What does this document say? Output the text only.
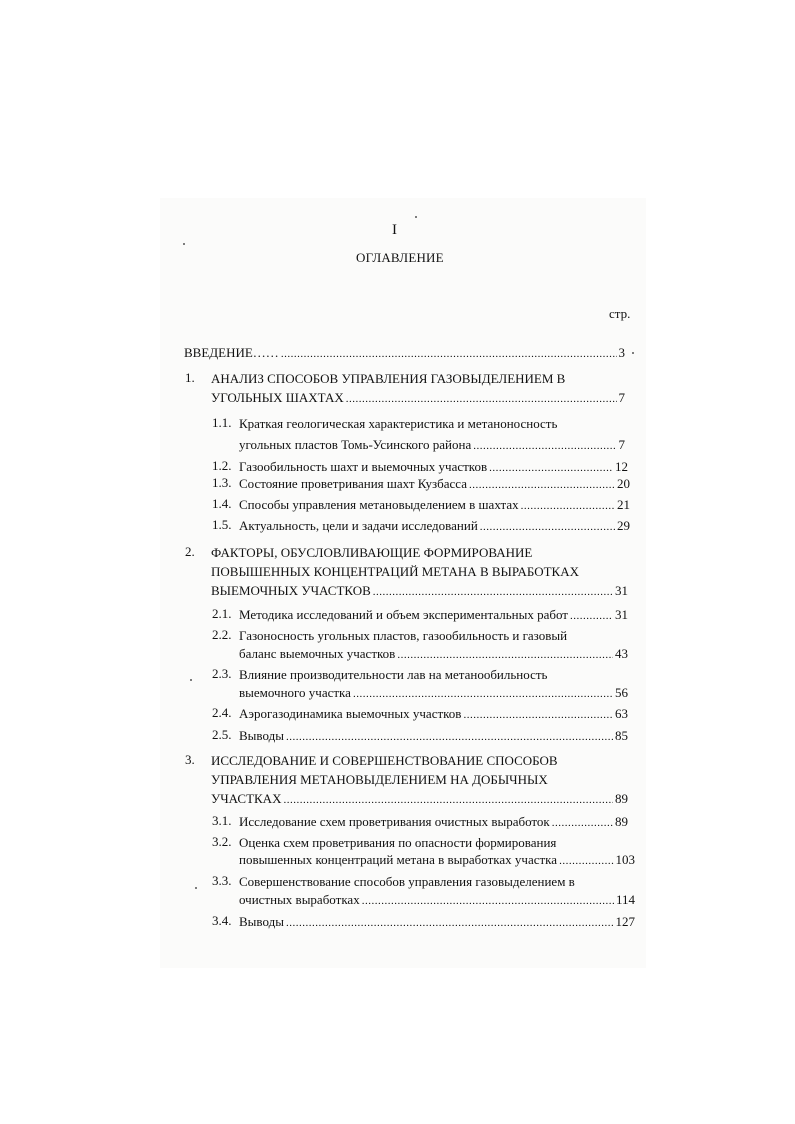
I
ОГЛАВЛЕНИЕ
стр.
ВВЕДЕНИЕ…… .....	3
1. АНАЛИЗ СПОСОБОВ УПРАВЛЕНИЯ ГАЗОВЫДЕЛЕНИЕМ В
УГОЛЬНЫХ ШАХТАХ .....	7
1.1. Краткая геологическая характеристика и метаноносность
угольных пластов Томь-Усинского района .....	7
1.2. Газообильность шахт и выемочных участков .....	12
1.3. Состояние проветривания шахт Кузбасса .....	20
1.4. Способы управления метановыделением в шахтах .....	21
1.5. Актуальность, цели и задачи исследований .....	29
2. ФАКТОРЫ, ОБУСЛОВЛИВАЮЩИЕ ФОРМИРОВАНИЕ
ПОВЫШЕННЫХ КОНЦЕНТРАЦИЙ МЕТАНА В ВЫРАБОТКАХ
ВЫЕМОЧНЫХ УЧАСТКОВ .....	31
2.1. Методика исследований и объем экспериментальных работ .....	31
2.2. Газоносность угольных пластов, газообильность и газовый
баланс выемочных участков .....	43
2.3. Влияние производительности лав на метанообильность
выемочного участка .....	56
2.4. Аэрогазодинамика выемочных участков .....	63
2.5. Выводы .....	85
3. ИССЛЕДОВАНИЕ И СОВЕРШЕНСТВОВАНИЕ СПОСОБОВ
УПРАВЛЕНИЯ МЕТАНОВЫДЕЛЕНИЕМ НА ДОБЫЧНЫХ
УЧАСТКАХ .....	89
3.1. Исследование схем проветривания очистных выработок .....	89
3.2. Оценка схем проветривания по опасности формирования
повышенных концентраций метана в выработках участка .....	103
3.3. Совершенствование способов управления газовыделением в
очистных выработках .....	114
3.4. Выводы .....	127
